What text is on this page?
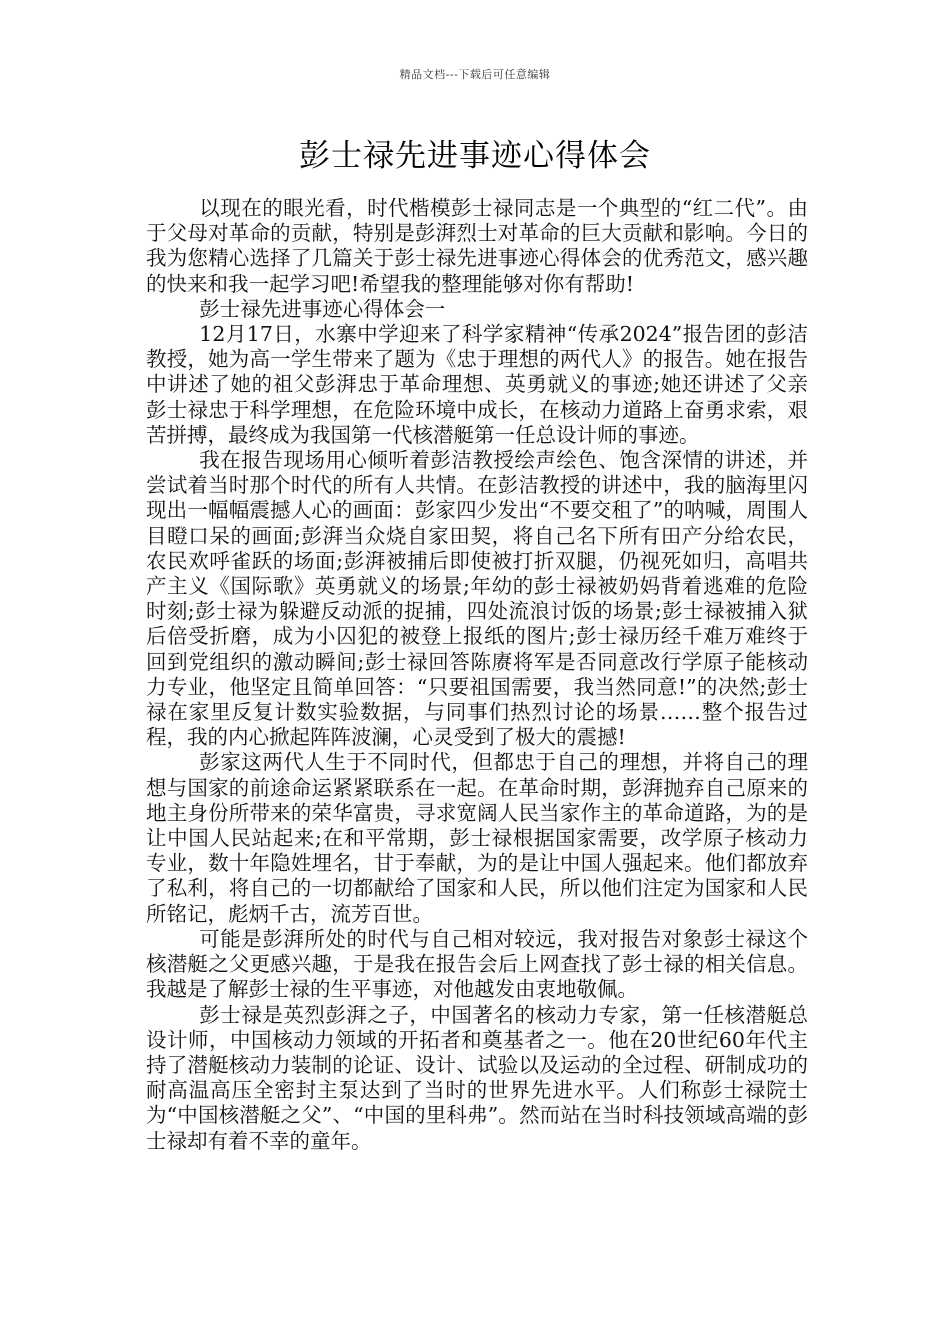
精品文档---下载后可任意编辑
彭士禄先进事迹心得体会

以现在的眼光看，时代楷模彭士禄同志是一个典型的“红二代”。由于父母对革命的贡献，特别是彭湃烈士对革命的巨大贡献和影响。今日的我为您精心选择了几篇关于彭士禄先进事迹心得体会的优秀范文，感兴趣的快来和我一起学习吧!希望我的整理能够对你有帮助!

彭士禄先进事迹心得体会一

12月17日，水寨中学迎来了科学家精神“传承2024”报告团的彭洁教授，她为高一学生带来了题为《忠于理想的两代人》的报告。她在报告中讲述了她的祖父彭湃忠于革命理想、英勇就义的事迹;她还讲述了父亲彭士禄忠于科学理想，在危险环境中成长，在核动力道路上奋勇求索，艰苦拼搏，最终成为我国第一代核潜艇第一任总设计师的事迹。

我在报告现场用心倾听着彭洁教授绘声绘色、饱含深情的讲述，并尝试着当时那个时代的所有人共情。在彭洁教授的讲述中，我的脑海里闪现出一幅幅震撼人心的画面：彭家四少发出“不要交租了”的呐喊，周围人目瞪口呆的画面;彭湃当众烧自家田契，将自己名下所有田产分给农民，农民欢呼雀跃的场面;彭湃被捕后即使被打折双腿，仍视死如归，高唱共产主义《国际歌》英勇就义的场景;年幼的彭士禄被奶妈背着逃难的危险时刻;彭士禄为躲避反动派的捉捕，四处流浪讨饭的场景;彭士禄被捕入狱后倍受折磨，成为小囚犯的被登上报纸的图片;彭士禄历经千难万难终于回到党组织的激动瞬间;彭士禄回答陈赓将军是否同意改行学原子能核动力专业，他坚定且简单回答：“只要祖国需要，我当然同意!”的决然;彭士禄在家里反复计数实验数据，与同事们热烈讨论的场景……整个报告过程，我的内心掀起阵阵波澜，心灵受到了极大的震撼!

彭家这两代人生于不同时代，但都忠于自己的理想，并将自己的理想与国家的前途命运紧紧联系在一起。在革命时期，彭湃抛弃自己原来的地主身份所带来的荣华富贵，寻求宽阔人民当家作主的革命道路，为的是让中国人民站起来;在和平常期，彭士禄根据国家需要，改学原子核动力专业，数十年隐姓埋名，甘于奉献，为的是让中国人强起来。他们都放弃了私利，将自己的一切都献给了国家和人民，所以他们注定为国家和人民所铭记，彪炳千古，流芳百世。

可能是彭湃所处的时代与自己相对较远，我对报告对象彭士禄这个核潜艇之父更感兴趣，于是我在报告会后上网查找了彭士禄的相关信息。我越是了解彭士禄的生平事迹，对他越发由衷地敬佩。

彭士禄是英烈彭湃之子，中国著名的核动力专家，第一任核潜艇总设计师，中国核动力领域的开拓者和奠基者之一。他在20世纪60年代主持了潜艇核动力装制的论证、设计、试验以及运动的全过程、研制成功的耐高温高压全密封主泵达到了当时的世界先进水平。人们称彭士禄院士为“中国核潜艇之父”、“中国的里科弗”。然而站在当时科技领域高端的彭士禄却有着不幸的童年。
